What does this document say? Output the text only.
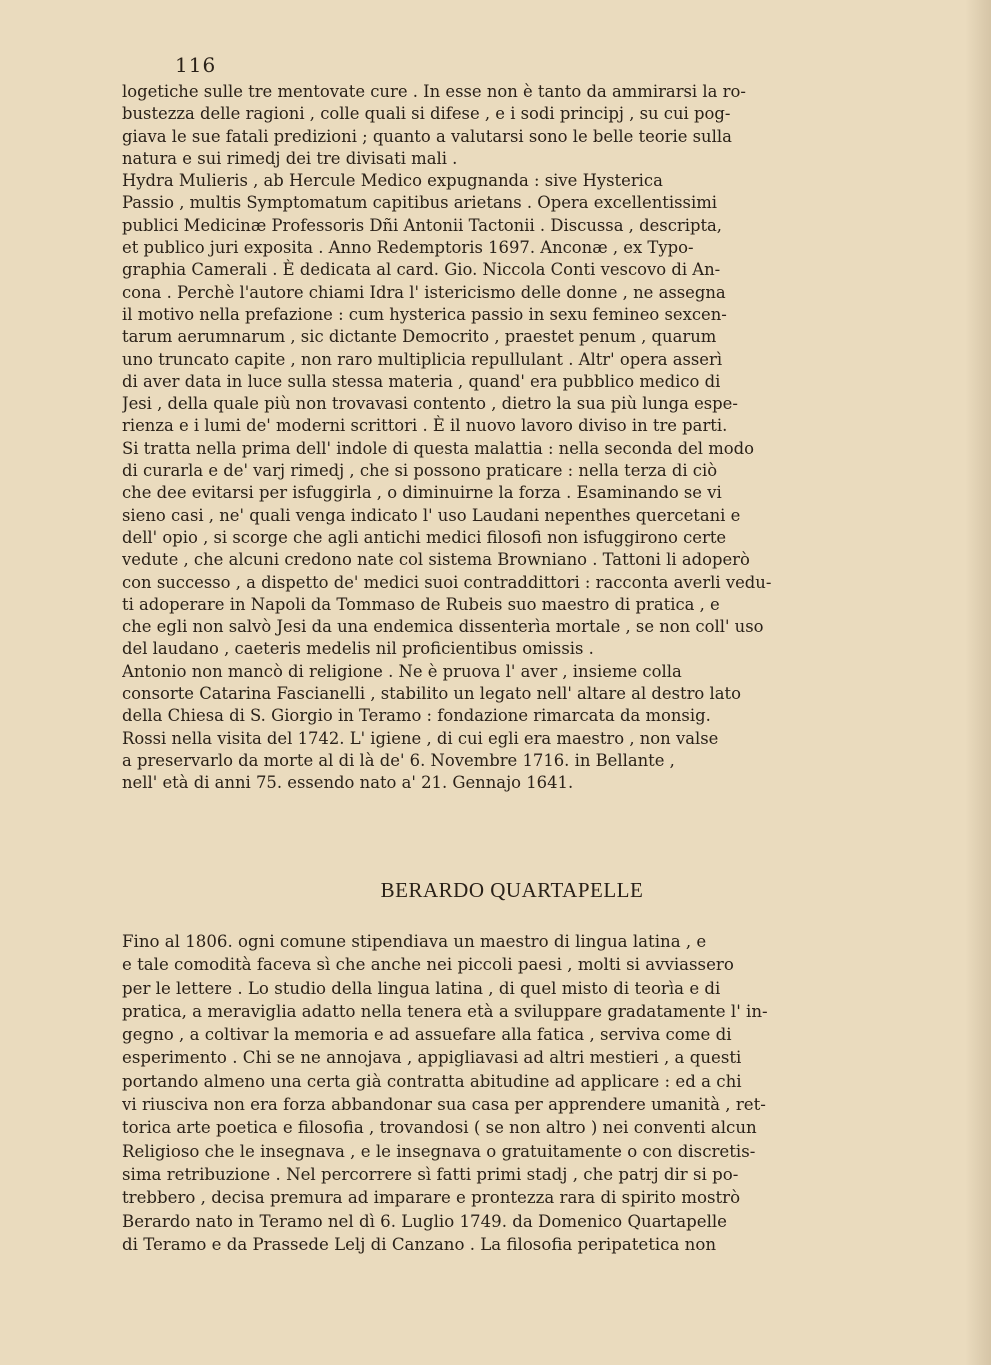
116
logetiche sulle tre mentovate cure . In esse non è tanto da ammirarsi la ro-
bustezza delle ragioni , colle quali si difese , e i sodi principj , su cui pog-
giava le sue fatali predizioni ; quanto a valutarsi sono le belle teorie sulla
natura e sui rimedj dei tre divisati mali .
Hydra Mulieris , ab Hercule Medico expugnanda : sive Hysterica
Passio , multis Symptomatum capitibus arietans . Opera excellentissimi
publici Medicinæ Professoris Dñi Antonii Tactonii . Discussa , descripta,
et publico juri exposita . Anno Redemptoris 1697. Anconæ , ex Typo-
graphia Camerali . È dedicata al card. Gio. Niccola Conti vescovo di An-
cona . Perchè l'autore chiami Idra l' istericismo delle donne , ne assegna
il motivo nella prefazione : cum hysterica passio in sexu femineo sexcen-
tarum aerumnarum , sic dictante Democrito , praestet penum , quarum
uno truncato capite , non raro multiplicia repullulant . Altr' opera asserì
di aver data in luce sulla stessa materia , quand' era pubblico medico di
Jesi , della quale più non trovavasi contento , dietro la sua più lunga espe-
rienza e i lumi de' moderni scrittori . È il nuovo lavoro diviso in tre parti.
Si tratta nella prima dell' indole di questa malattia : nella seconda del modo
di curarla e de' varj rimedj , che si possono praticare : nella terza di ciò
che dee evitarsi per isfuggirla , o diminuirne la forza . Esaminando se vi
sieno casi , ne' quali venga indicato l' uso Laudani nepenthes quercetani e
dell' opio , si scorge che agli antichi medici filosofi non isfuggirono certe
vedute , che alcuni credono nate col sistema Browniano . Tattoni li adoperò
con successo , a dispetto de' medici suoi contraddittori : racconta averli vedu-
ti adoperare in Napoli da Tommaso de Rubeis suo maestro di pratica , e
che egli non salvò Jesi da una endemica dissenterìa mortale , se non coll' uso
del laudano , caeteris medelis nil proficientibus omissis .
Antonio non mancò di religione . Ne è pruova l' aver , insieme colla
consorte Catarina Fascianelli , stabilito un legato nell' altare al destro lato
della Chiesa di S. Giorgio in Teramo : fondazione rimarcata da monsig.
Rossi nella visita del 1742. L' igiene , di cui egli era maestro , non valse
a preservarlo da morte al di là de' 6. Novembre 1716. in Bellante ,
nell' età di anni 75. essendo nato a' 21. Gennajo 1641.
BERARDO QUARTAPELLE
Fino al 1806. ogni comune stipendiava un maestro di lingua latina , e
e tale comodità faceva sì che anche nei piccoli paesi , molti si avviassero
per le lettere . Lo studio della lingua latina , di quel misto di teorìa e di
pratica, a meraviglia adatto nella tenera età a sviluppare gradatamente l' in-
gegno , a coltivar la memoria e ad assuefare alla fatica , serviva come di
esperimento . Chi se ne annojava , appigliavasi ad altri mestieri , a questi
portando almeno una certa già contratta abitudine ad applicare : ed a chi
vi riusciva non era forza abbandonar sua casa per apprendere umanità , ret-
torica arte poetica e filosofia , trovandosi ( se non altro ) nei conventi alcun
Religioso che le insegnava , e le insegnava o gratuitamente o con discretis-
sima retribuzione . Nel percorrere sì fatti primi stadj , che patrj dir si po-
trebbero , decisa premura ad imparare e prontezza rara di spirito mostrò
Berardo nato in Teramo nel dì 6. Luglio 1749. da Domenico Quartapelle
di Teramo e da Prassede Lelj di Canzano . La filosofia peripatetica non
